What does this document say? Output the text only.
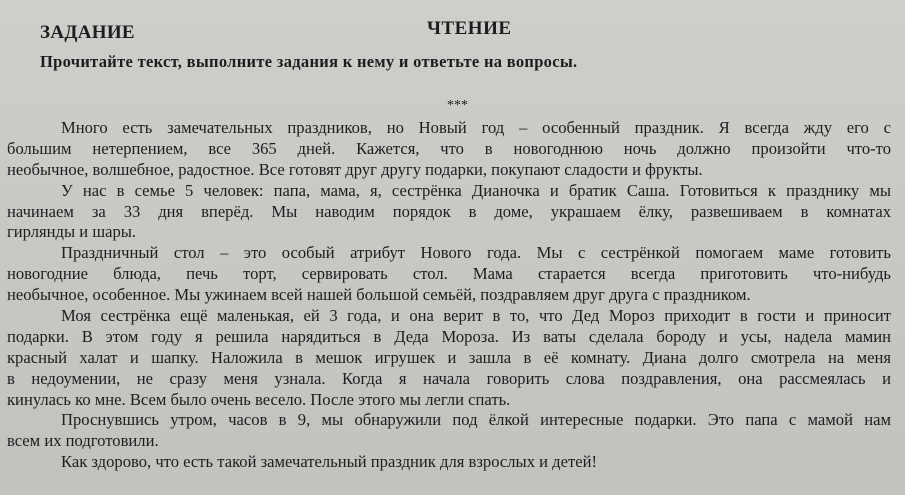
ЗАДАНИЕ	ЧТЕНИЕ
Прочитайте текст, выполните задания к нему и ответьте на вопросы.
***
Много есть замечательных праздников, но Новый год – особенный праздник. Я всегда жду его с
большим нетерпением, все 365 дней. Кажется, что в новогоднюю ночь должно произойти что-то
необычное, волшебное, радостное. Все готовят друг другу подарки, покупают сладости и фрукты.
У нас в семье 5 человек: папа, мама, я, сестрёнка Дианочка и братик Саша. Готовиться к празднику мы
начинаем за 33 дня вперёд. Мы наводим порядок в доме, украшаем ёлку, развешиваем в комнатах
гирлянды и шары.
Праздничный стол – это особый атрибут Нового года. Мы с сестрёнкой помогаем маме готовить
новогодние блюда, печь торт, сервировать стол. Мама старается всегда приготовить что-нибудь
необычное, особенное. Мы ужинаем всей нашей большой семьёй, поздравляем друг друга с праздником.
Моя сестрёнка ещё маленькая, ей 3 года, и она верит в то, что Дед Мороз приходит в гости и приносит
подарки. В этом году я решила нарядиться в Деда Мороза. Из ваты сделала бороду и усы, надела мамин
красный халат и шапку. Наложила в мешок игрушек и зашла в её комнату. Диана долго смотрела на меня
в недоумении, не сразу меня узнала. Когда я начала говорить слова поздравления, она рассмеялась и
кинулась ко мне. Всем было очень весело. После этого мы легли спать.
Проснувшись утром, часов в 9, мы обнаружили под ёлкой интересные подарки. Это папа с мамой нам
всем их подготовили.
Как здорово, что есть такой замечательный праздник для взрослых и детей!
